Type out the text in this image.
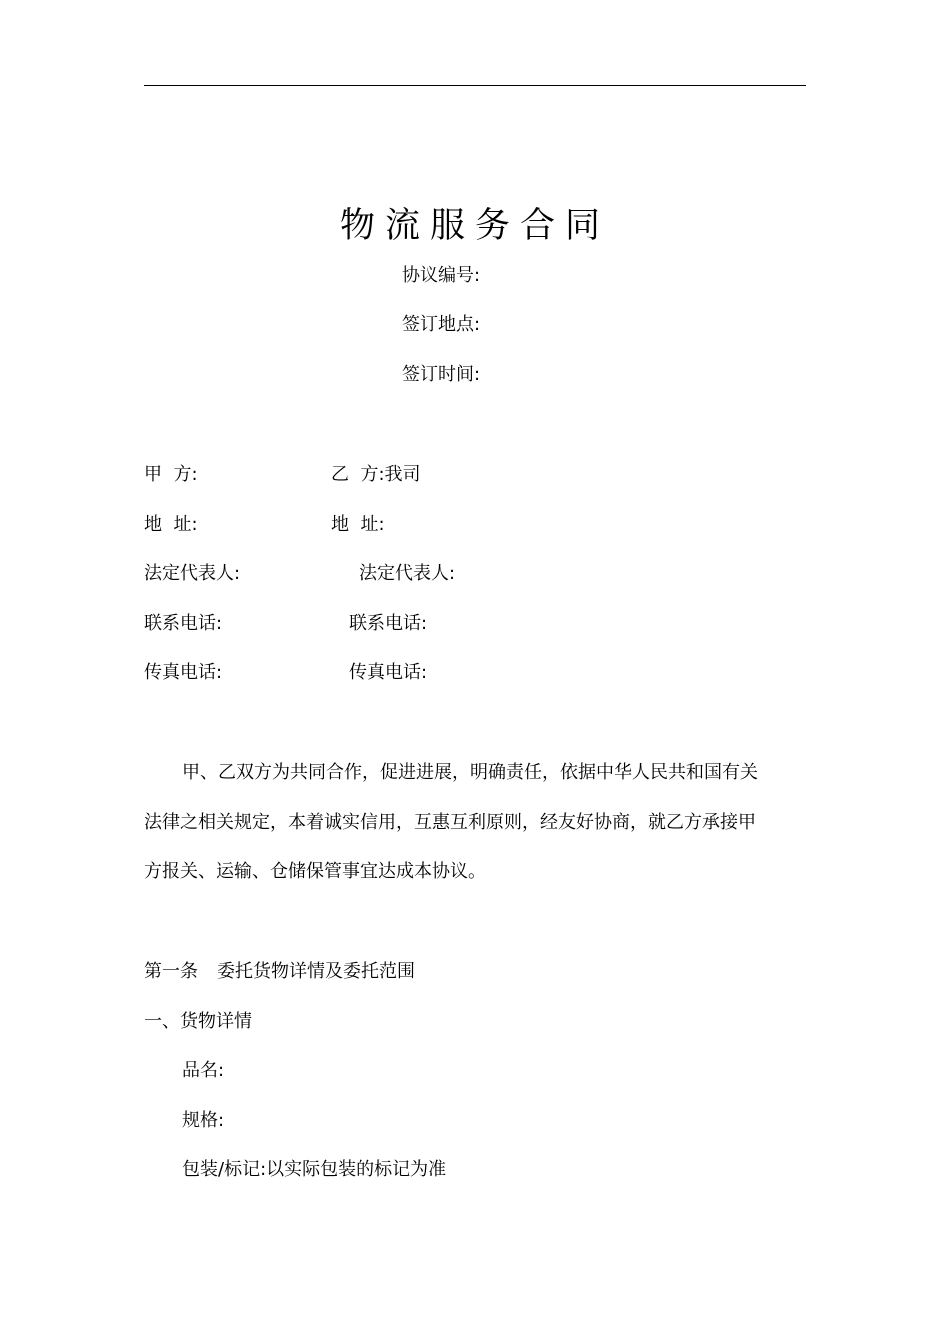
物流服务合同
协议编号:
签订地点:
签订时间:
甲  方:
地  址:
法定代表人:
联系电话:
传真电话:
乙  方:我司
地  址:
法定代表人:
联系电话:
传真电话:
甲、乙双方为共同合作，促进进展，明确责任，依据中华人民共和国有关
法律之相关规定，本着诚实信用，互惠互利原则，经友好协商，就乙方承接甲
方报关、运输、仓储保管事宜达成本协议。
第一条 委托货物详情及委托范围
一、货物详情
品名:
规格:
包装/标记:以实际包装的标记为准
